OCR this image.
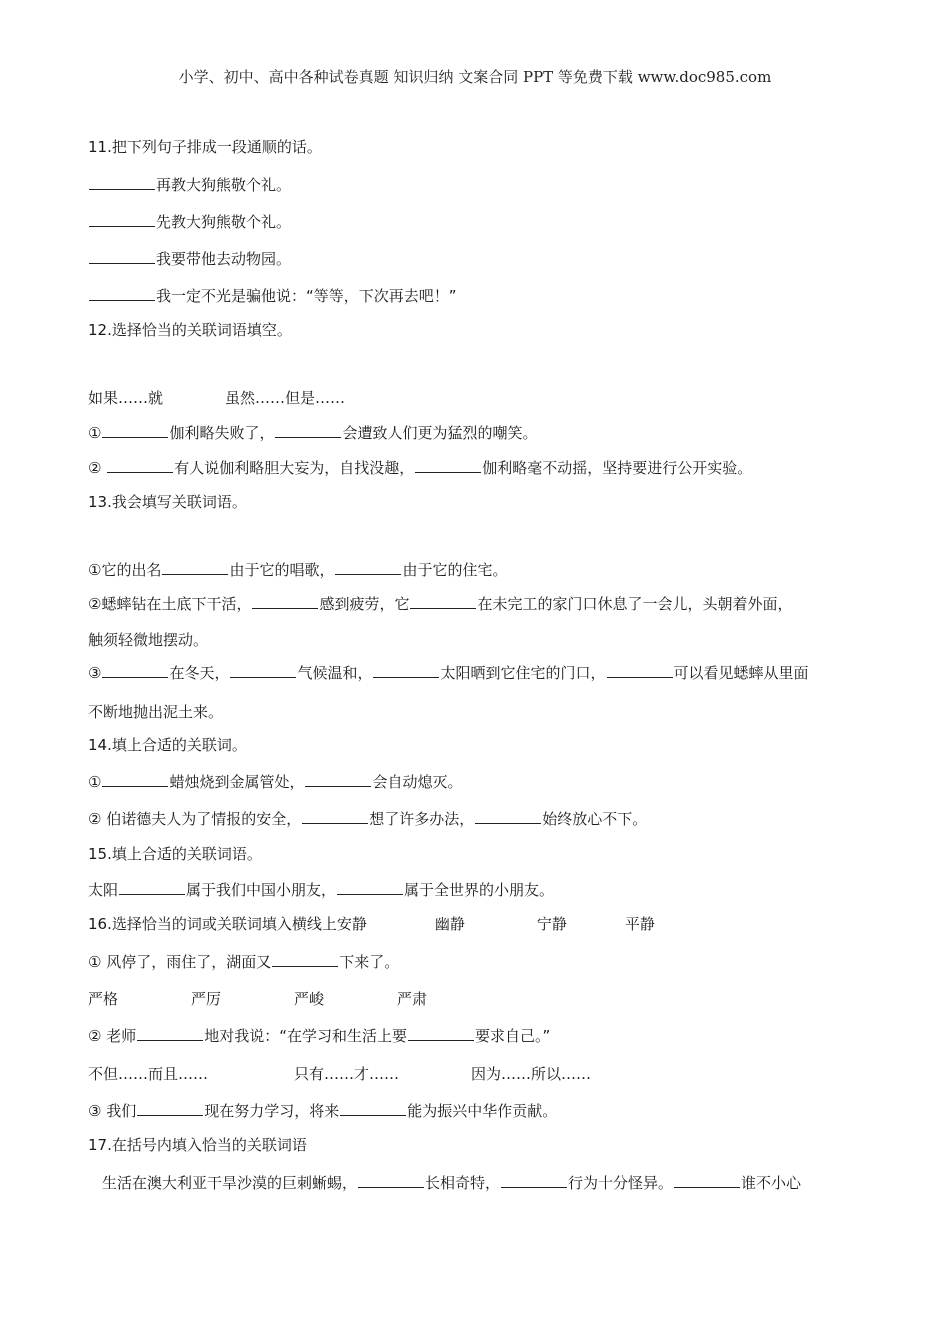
小学、初中、高中各种试卷真题 知识归纳 文案合同 PPT 等免费下载 www.doc985.com
11.把下列句子排成一段通顺的话。
再教大狗熊敬个礼。
先教大狗熊敬个礼。
我要带他去动物园。
我一定不光是骗他说：“等等，下次再去吧！”
12.选择恰当的关联词语填空。
如果……就	虽然……但是……
①	伽利略失败了，	会遭致人们更为猛烈的嘲笑。
②	有人说伽利略胆大妄为，自找没趣，	伽利略毫不动摇，坚持要进行公开实验。
13.我会填写关联词语。
①它的出名	由于它的唱歌，	由于它的住宅。
②蟋蟀钻在土底下干活，	感到疲劳，它	在未完工的家门口休息了一会儿，头朝着外面，
触须轻微地摆动。
③	在冬天，	气候温和，	太阳晒到它住宅的门口，	可以看见蟋蟀从里面
不断地抛出泥土来。
14.填上合适的关联词。
①	蜡烛烧到金属管处，	会自动熄灭。
② 伯诺德夫人为了情报的安全，	想了许多办法，	始终放心不下。
15.填上合适的关联词语。
太阳	属于我们中国小朋友，	属于全世界的小朋友。
16.选择恰当的词或关联词填入横线上安静	幽静	宁静	平静
① 风停了，雨住了，湖面又	下来了。
严格	严厉	严峻	严肃
② 老师	地对我说：“在学习和生活上要	要求自己。”
不但……而且……	只有……才……	因为……所以……
③ 我们	现在努力学习，将来	能为振兴中华作贡献。
17.在括号内填入恰当的关联词语
生活在澳大利亚干旱沙漠的巨刺蜥蜴，	长相奇特，	行为十分怪异。	谁不小心
